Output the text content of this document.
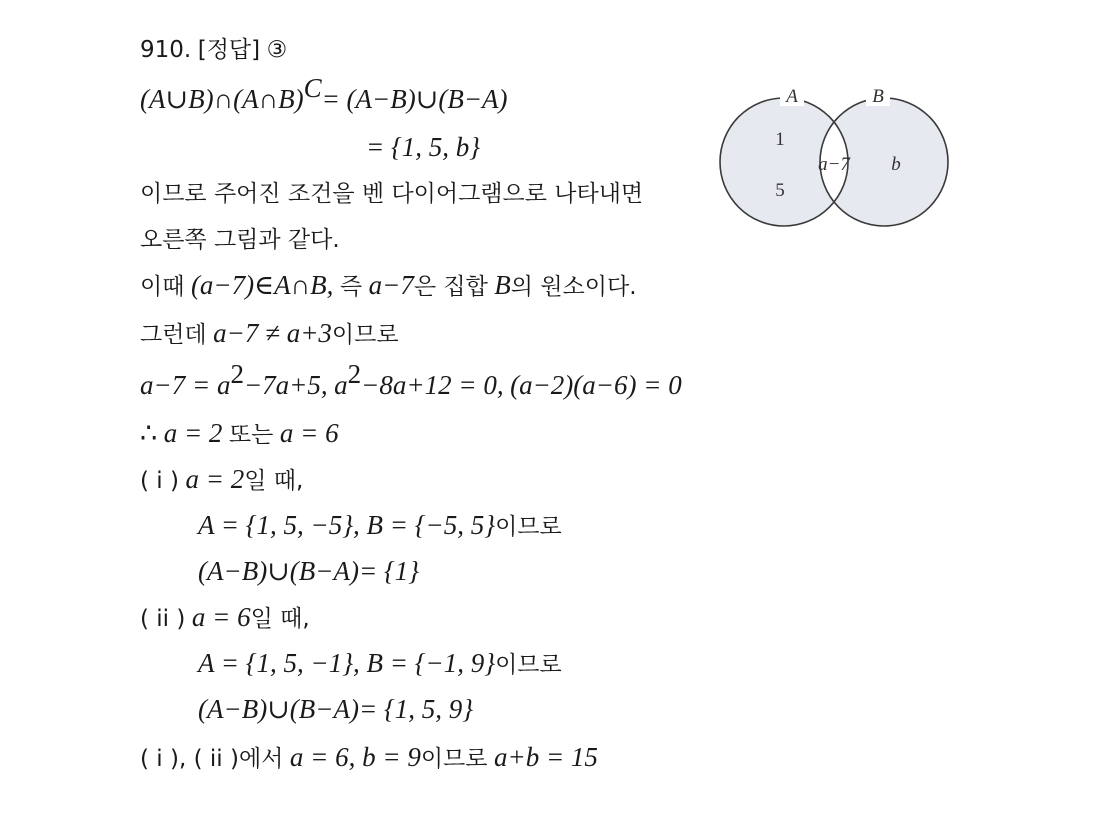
910. [정답] ③
(A∪B)∩(A∩B)$^C$= (A−B)∪(B−A)
= {1, 5, b}
이므로 주어진 조건을 벤 다이어그램으로 나타내면
오른쪽 그림과 같다.
이때 (a−7)∈A∩B, 즉 a−7은 집합 B의 원소이다.
그런데 a−7 ≠ a+3이므로
$a-7 = a^2-7a+5$, $a^2-8a+12 = 0$, (a−2)(a−6) = 0
∴ a = 2 또는 a = 6
( i ) a = 2일 때,
A = {1, 5, −5}, B = {−5, 5}이므로
(A−B)∪(B−A)= {1}
( ii ) a = 6일 때,
A = {1, 5, −1}, B = {−1, 9}이므로
(A−B)∪(B−A)= {1, 5, 9}
( i ), ( ii )에서 a = 6, b = 9이므로 a+b = 15
A	B
1
5
a−7 b
